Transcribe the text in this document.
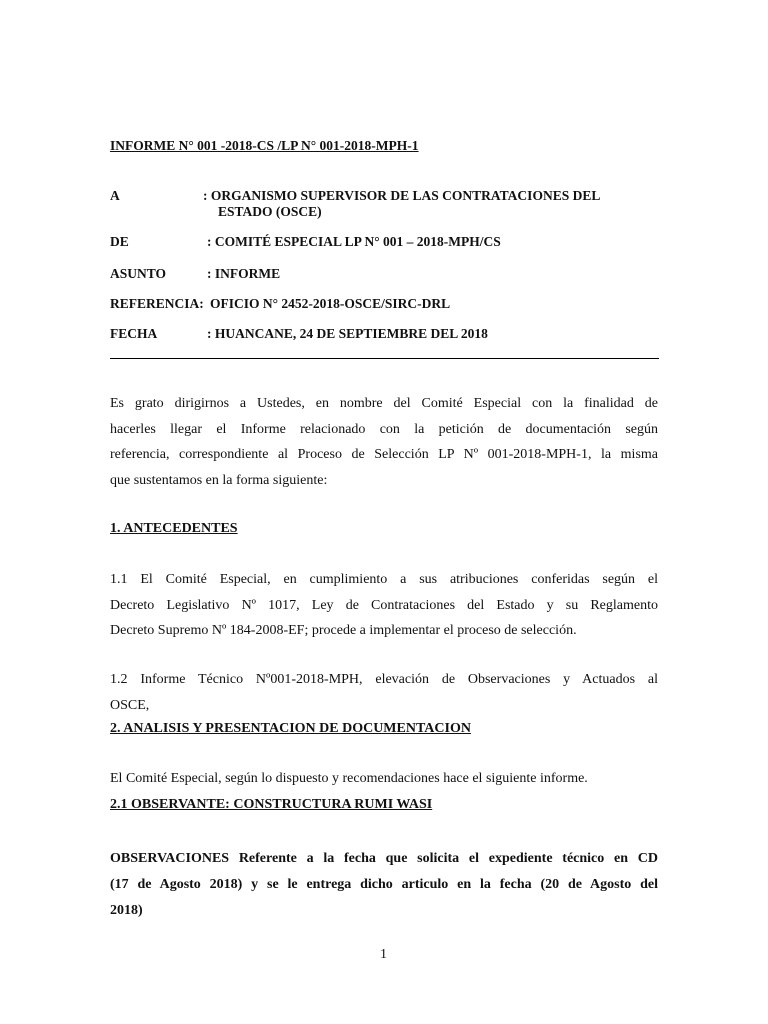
INFORME N° 001 -2018-CS /LP N° 001-2018-MPH-1
A	: ORGANISMO SUPERVISOR DE LAS CONTRATACIONES DEL
ESTADO (OSCE)
DE	: COMITÉ ESPECIAL LP N° 001 – 2018-MPH/CS
ASUNTO	: INFORME
REFERENCIA: OFICIO N° 2452-2018-OSCE/SIRC-DRL
FECHA	: HUANCANE, 24 DE SEPTIEMBRE DEL 2018
Es grato dirigirnos a Ustedes, en nombre del Comité Especial con la finalidad de
hacerles llegar el Informe relacionado con la petición de documentación según
referencia, correspondiente al Proceso de Selección LP Nº 001-2018-MPH-1, la misma
que sustentamos en la forma siguiente:
1. ANTECEDENTES
1.1 El Comité Especial, en cumplimiento a sus atribuciones conferidas según el
Decreto Legislativo Nº 1017, Ley de Contrataciones del Estado y su Reglamento
Decreto Supremo Nº 184-2008-EF; procede a implementar el proceso de selección.
1.2 Informe Técnico Nº001-2018-MPH, elevación de Observaciones y Actuados al
OSCE,
2. ANALISIS Y PRESENTACION DE DOCUMENTACION
El Comité Especial, según lo dispuesto y recomendaciones hace el siguiente informe.
2.1 OBSERVANTE: CONSTRUCTURA RUMI WASI
OBSERVACIONES Referente a la fecha que solicita el expediente técnico en CD
(17 de Agosto 2018) y se le entrega dicho articulo en la fecha (20 de Agosto del
2018)
1
